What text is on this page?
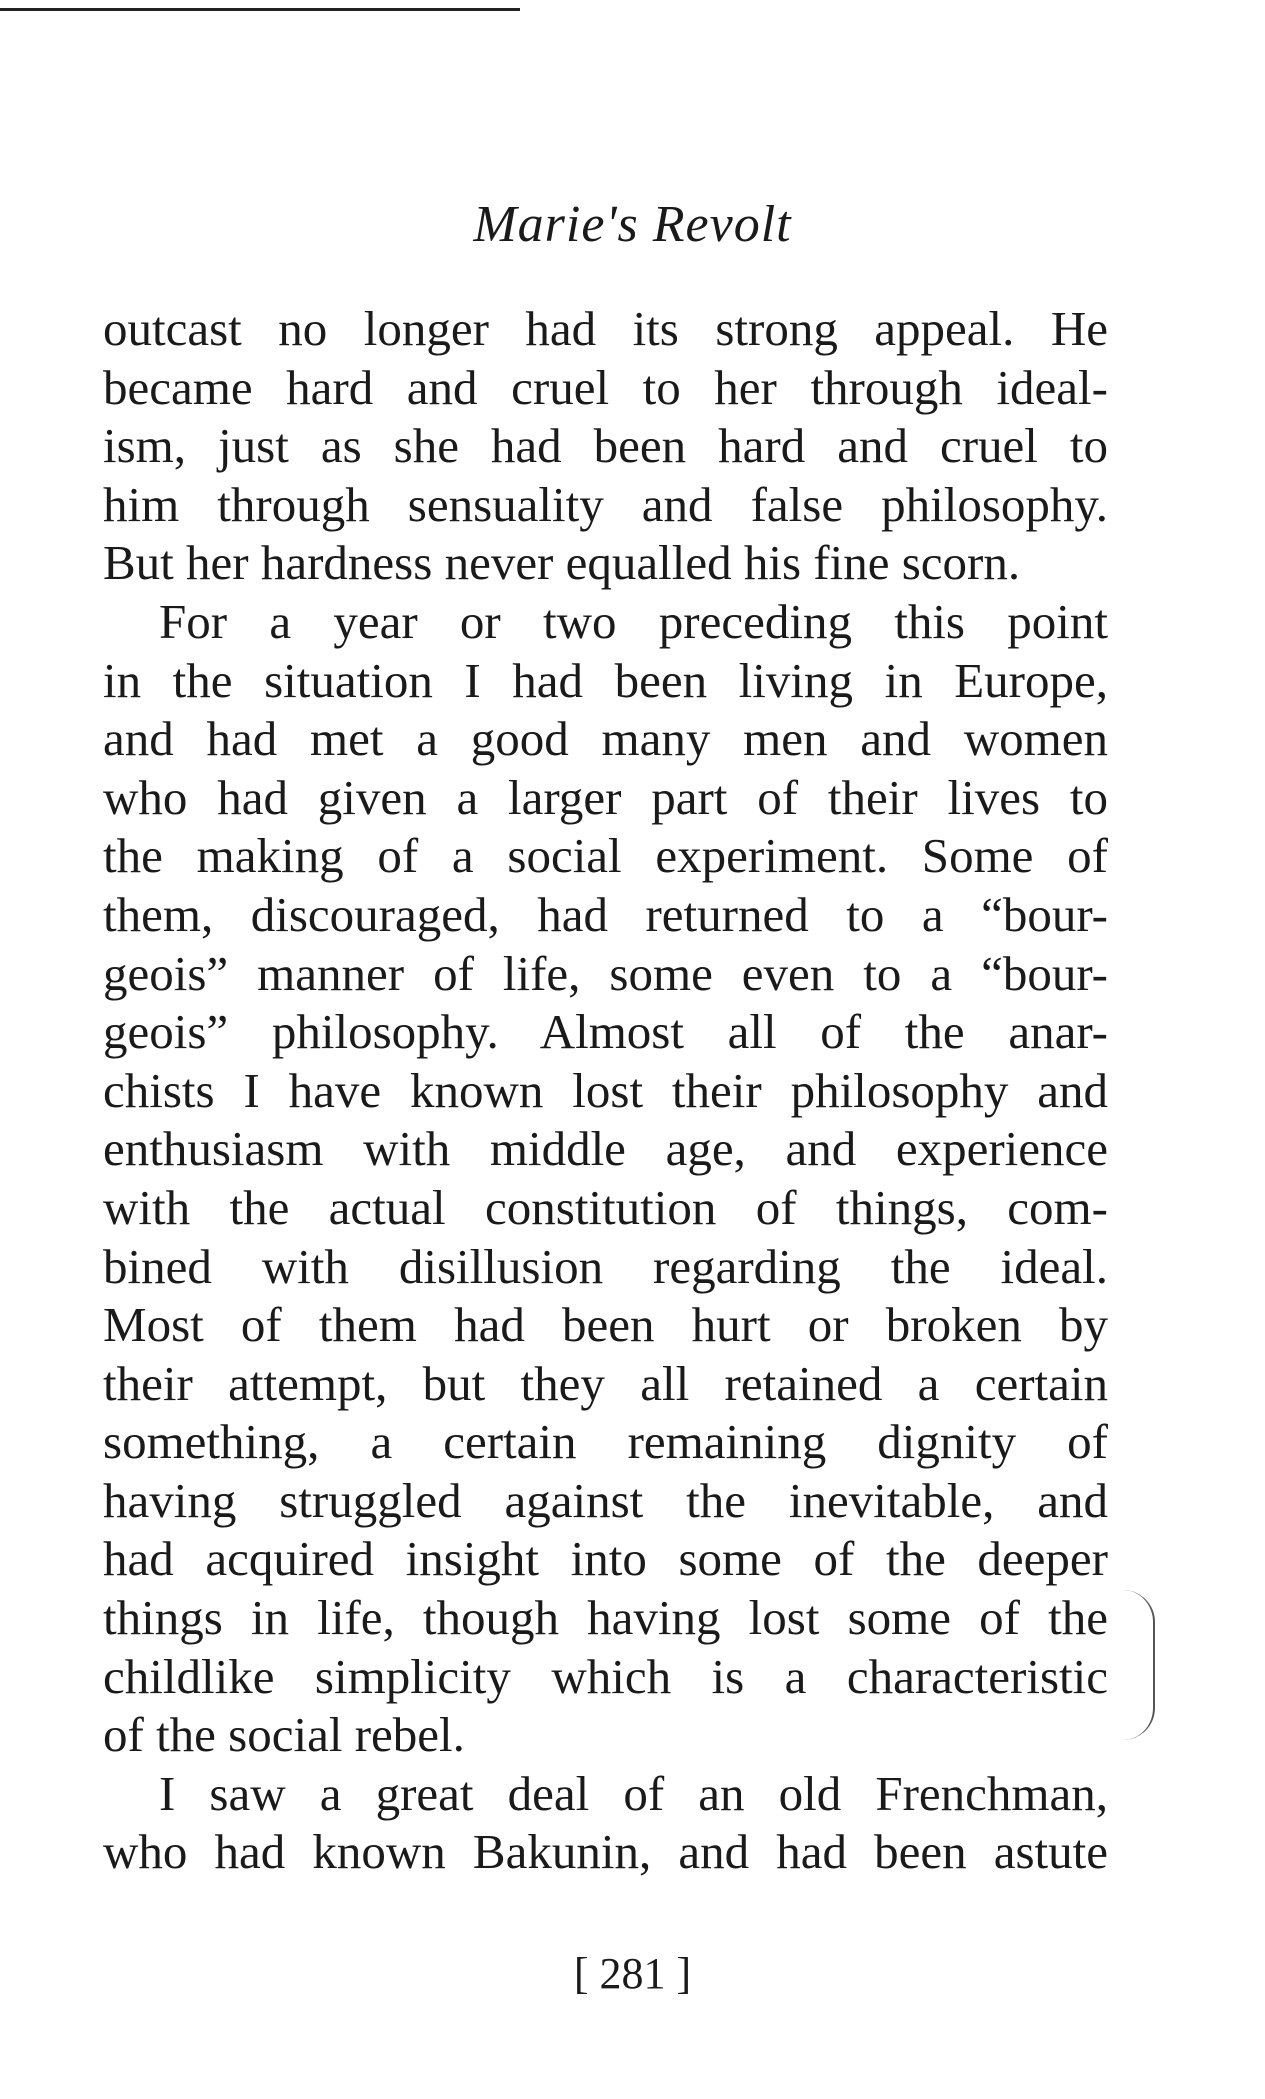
Marie's Revolt
outcast no longer had its strong appeal. He
became hard and cruel to her through ideal-
ism, just as she had been hard and cruel to
him through sensuality and false philosophy.
But her hardness never equalled his fine scorn.
For a year or two preceding this point
in the situation I had been living in Europe,
and had met a good many men and women
who had given a larger part of their lives to
the making of a social experiment. Some of
them, discouraged, had returned to a “bour-
geois” manner of life, some even to a “bour-
geois” philosophy. Almost all of the anar-
chists I have known lost their philosophy and
enthusiasm with middle age, and experience
with the actual constitution of things, com-
bined with disillusion regarding the ideal.
Most of them had been hurt or broken by
their attempt, but they all retained a certain
something, a certain remaining dignity of
having struggled against the inevitable, and
had acquired insight into some of the deeper
things in life, though having lost some of the
childlike simplicity which is a characteristic
of the social rebel.
I saw a great deal of an old Frenchman,
who had known Bakunin, and had been astute
[ 281 ]
